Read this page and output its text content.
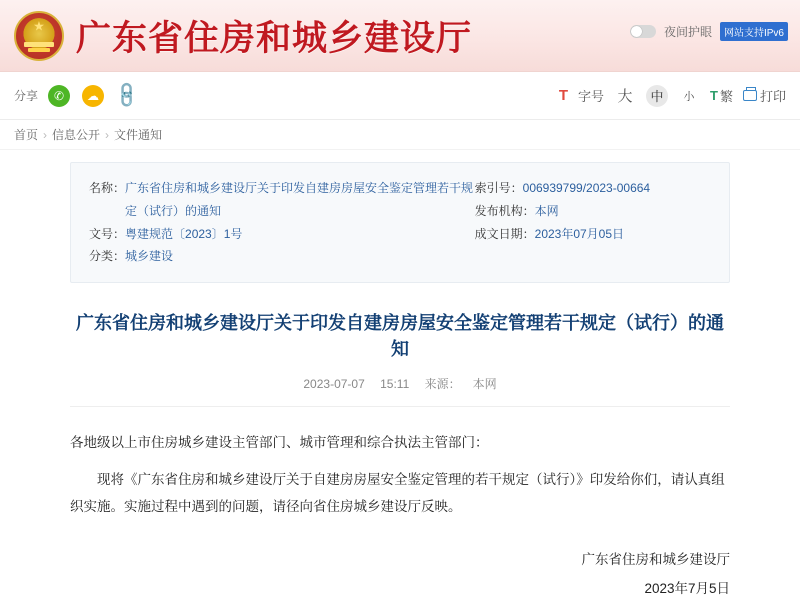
★ 广东省住房和城乡建设厅	夜间护眼	网站支持IPv6
分享	✆	☁ 🔗	T 字号 大	中	小	T 繁 打印
首页 › 信息公开 › 文件通知
名称： 广东省住房和城乡建设厅关于印发自建房房屋安全鉴定管理若干规定（试行）的通知
文号： 粤建规范〔2023〕1号
分类： 城乡建设
索引号： 006939799/2023-00664
发布机构： 本网
成文日期： 2023年07月05日
广东省住房和城乡建设厅关于印发自建房房屋安全鉴定管理若干规定（试行）的通知
2023-07-07 15:11 来源： 本网

各地级以上市住房城乡建设主管部门、城市管理和综合执法主管部门：

现将《广东省住房和城乡建设厅关于自建房房屋安全鉴定管理的若干规定（试行）》印发给你们，请认真组织实施。实施过程中遇到的问题，请径向省住房城乡建设厅反映。

广东省住房和城乡建设厅
2023年7月5日
